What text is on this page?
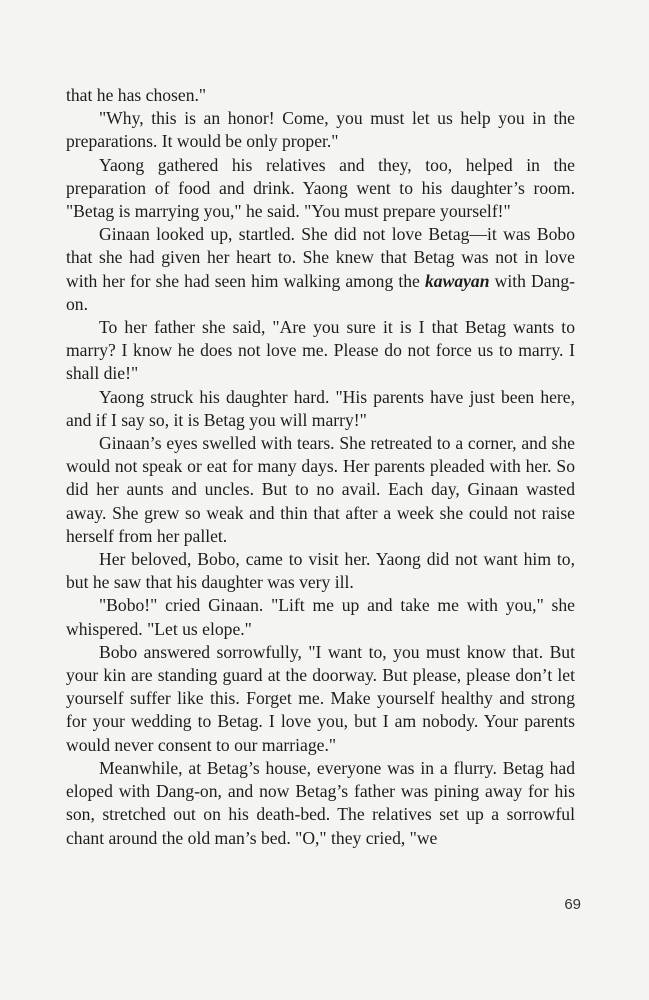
that he has chosen."

"Why, this is an honor! Come, you must let us help you in the preparations. It would be only proper."

Yaong gathered his relatives and they, too, helped in the preparation of food and drink. Yaong went to his daughter’s room. "Betag is marrying you," he said. "You must prepare yourself!"

Ginaan looked up, startled. She did not love Betag—it was Bobo that she had given her heart to. She knew that Betag was not in love with her for she had seen him walking among the kawayan with Dang-on.

To her father she said, "Are you sure it is I that Betag wants to marry? I know he does not love me. Please do not force us to marry. I shall die!"

Yaong struck his daughter hard. "His parents have just been here, and if I say so, it is Betag you will marry!"

Ginaan’s eyes swelled with tears. She retreated to a corner, and she would not speak or eat for many days. Her parents pleaded with her. So did her aunts and uncles. But to no avail. Each day, Ginaan wasted away. She grew so weak and thin that after a week she could not raise herself from her pallet.

Her beloved, Bobo, came to visit her. Yaong did not want him to, but he saw that his daughter was very ill.

"Bobo!" cried Ginaan. "Lift me up and take me with you," she whispered. "Let us elope."

Bobo answered sorrowfully, "I want to, you must know that. But your kin are standing guard at the doorway. But please, please don’t let yourself suffer like this. Forget me. Make yourself healthy and strong for your wedding to Betag. I love you, but I am nobody. Your parents would never consent to our marriage."

Meanwhile, at Betag’s house, everyone was in a flurry. Betag had eloped with Dang-on, and now Betag’s father was pining away for his son, stretched out on his death-bed. The relatives set up a sorrowful chant around the old man’s bed. "O," they cried, "we

69
